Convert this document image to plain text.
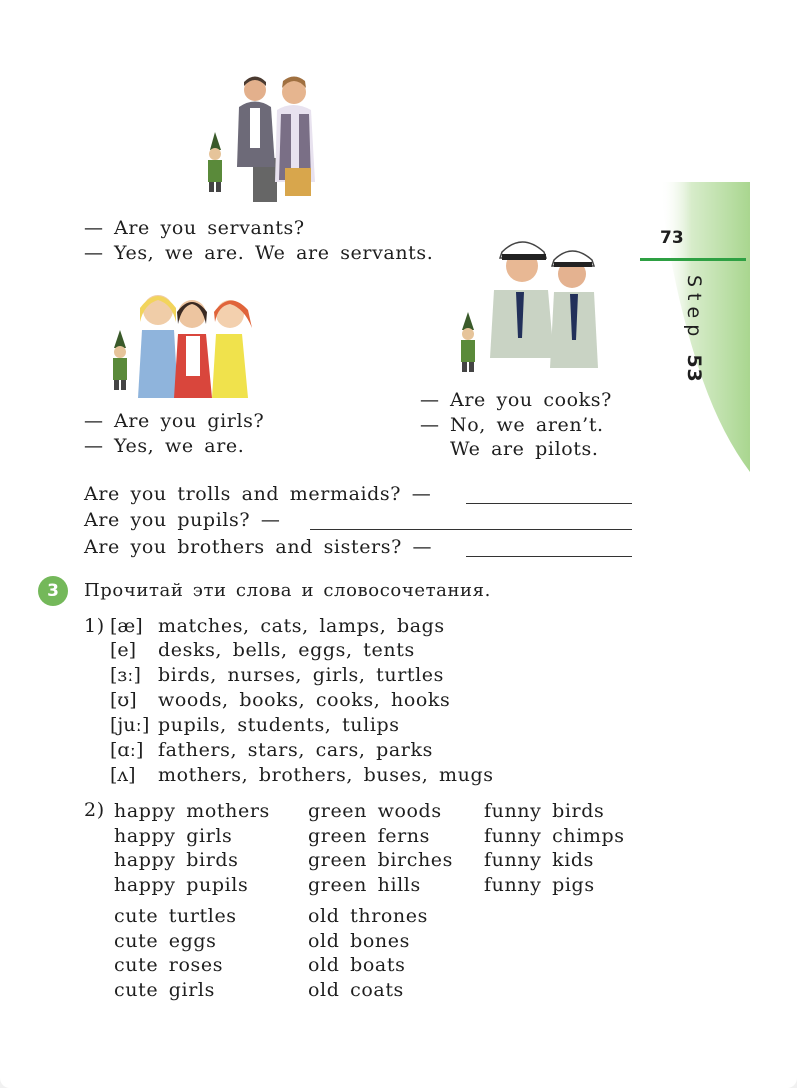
73
Step 53
— Are you servants?
— Yes, we are. We are servants.
— Are you girls?
— Yes, we are.
— Are you cooks?
— No, we aren’t.
We are pilots.
Are you trolls and mermaids? —
Are you pupils? —
Are you brothers and sisters? —
3	Прочитай эти слова и словосочетания.
1) [æ] matches, cats, lamps, bags
[e] desks, bells, eggs, tents
[ɜː] birds, nurses, girls, turtles
[ʊ] woods, books, cooks, hooks
[juː] pupils, students, tulips
[ɑː] fathers, stars, cars, parks
[ʌ] mothers, brothers, buses, mugs
2) happy mothers
happy girls
happy birds
happy pupils
green woods
green ferns
green birches
green hills
funny birds
funny chimps
funny kids
funny pigs
cute turtles
cute eggs
cute roses
cute girls
old thrones
old bones
old boats
old coats
